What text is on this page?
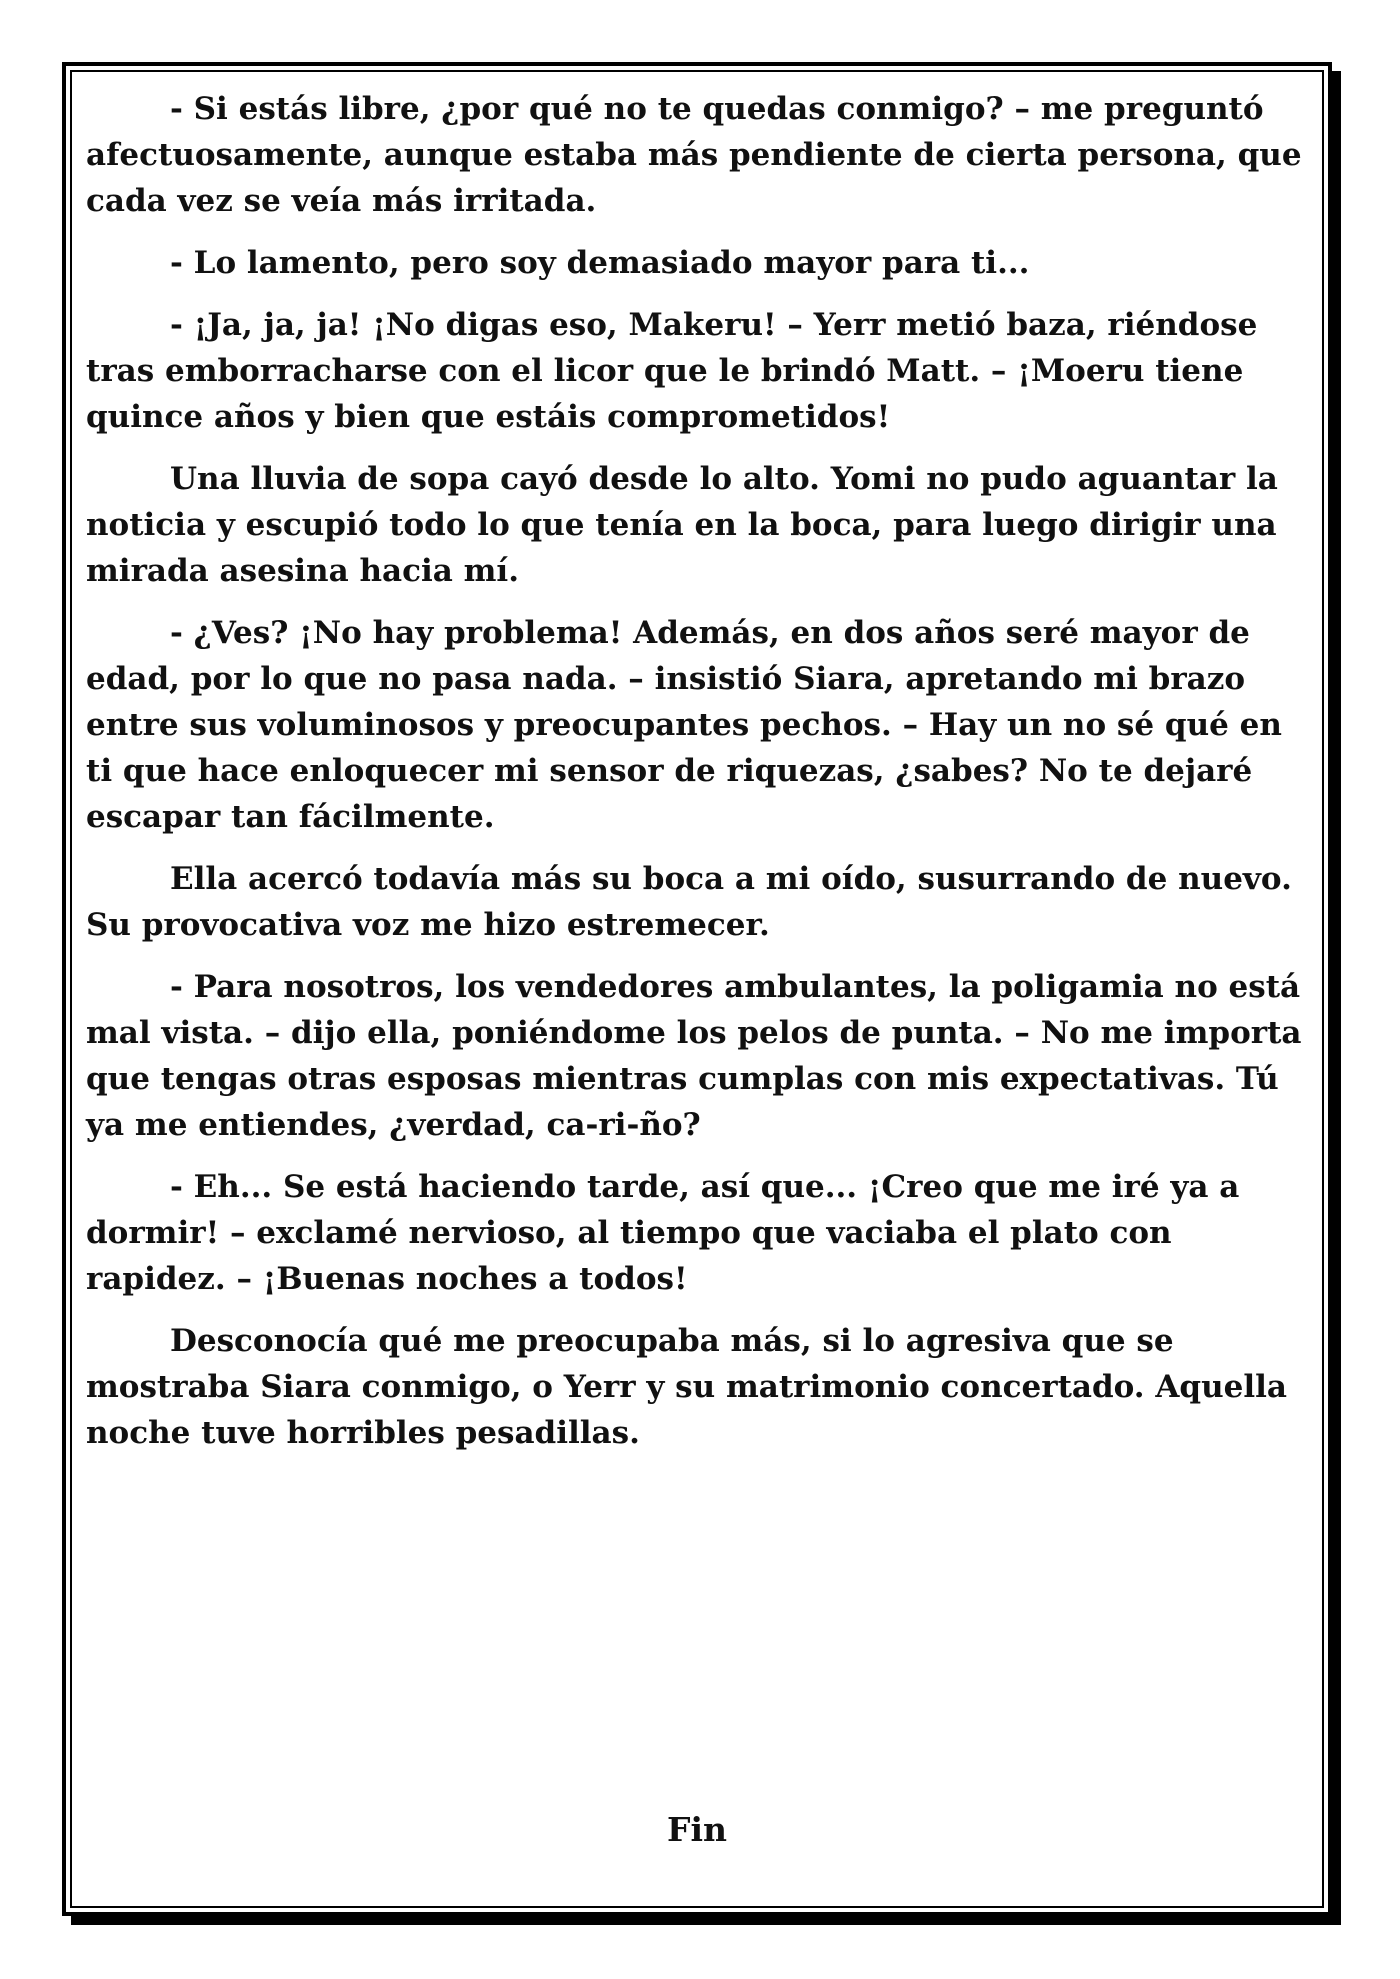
- Si estás libre, ¿por qué no te quedas conmigo? – me preguntó afectuosamente, aunque estaba más pendiente de cierta persona, que cada vez se veía más irritada.

- Lo lamento, pero soy demasiado mayor para ti...

- ¡Ja, ja, ja! ¡No digas eso, Makeru! – Yerr metió baza, riéndose tras emborracharse con el licor que le brindó Matt. – ¡Moeru tiene quince años y bien que estáis comprometidos!

Una lluvia de sopa cayó desde lo alto. Yomi no pudo aguantar la noticia y escupió todo lo que tenía en la boca, para luego dirigir una mirada asesina hacia mí.

- ¿Ves? ¡No hay problema! Además, en dos años seré mayor de edad, por lo que no pasa nada. – insistió Siara, apretando mi brazo entre sus voluminosos y preocupantes pechos. – Hay un no sé qué en ti que hace enloquecer mi sensor de riquezas, ¿sabes? No te dejaré escapar tan fácilmente.

Ella acercó todavía más su boca a mi oído, susurrando de nuevo. Su provocativa voz me hizo estremecer.

- Para nosotros, los vendedores ambulantes, la poligamia no está mal vista. – dijo ella, poniéndome los pelos de punta. – No me importa que tengas otras esposas mientras cumplas con mis expectativas. Tú ya me entiendes, ¿verdad, ca-ri-ño?

- Eh... Se está haciendo tarde, así que... ¡Creo que me iré ya a dormir! – exclamé nervioso, al tiempo que vaciaba el plato con rapidez. – ¡Buenas noches a todos!

Desconocía qué me preocupaba más, si lo agresiva que se mostraba Siara conmigo, o Yerr y su matrimonio concertado. Aquella noche tuve horribles pesadillas.

Fin
